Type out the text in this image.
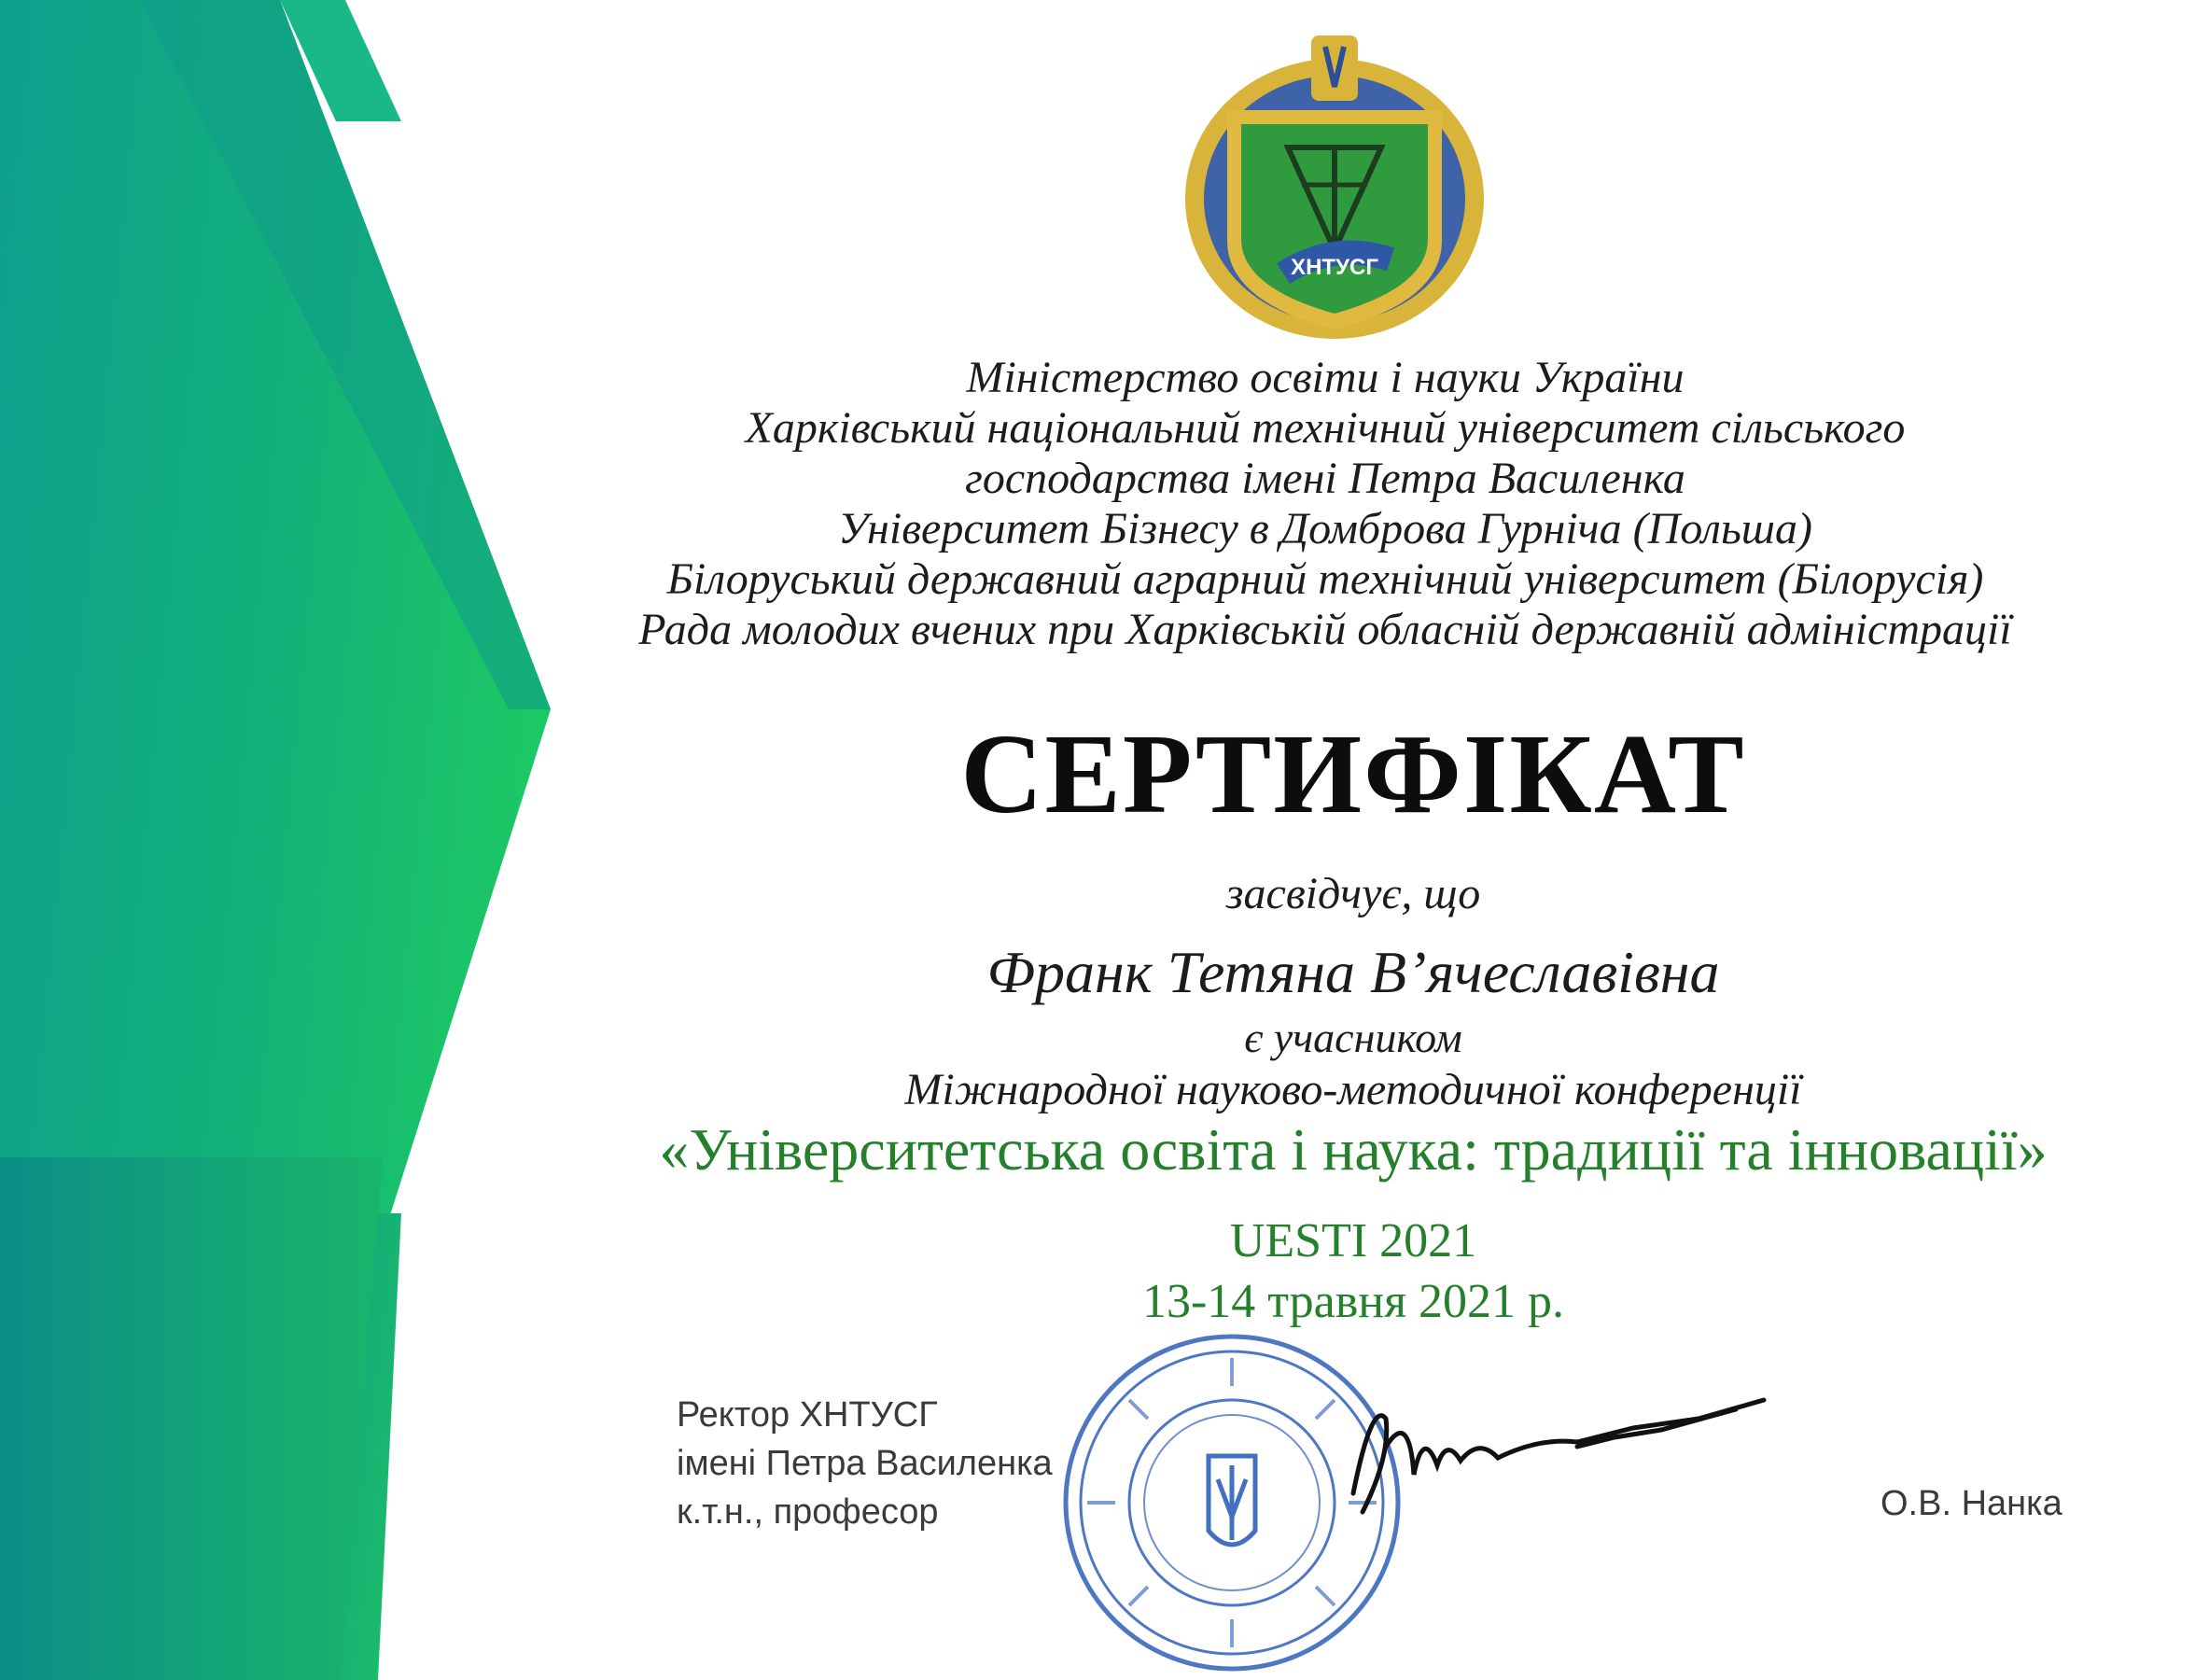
ХНТУСГ
Міністерство освіти і науки України
Харківський національний технічний університет сільського
господарства імені Петра Василенка
Університет Бізнесу в Домброва Гурніча (Польша)
Білоруський державний аграрний технічний університет (Білорусія)
Рада молодих вчених при Харківській обласній державній адміністрації
СЕРТИФІКАТ
засвідчує, що
Франк Тетяна В’ячеславівна
є учасником
Міжнародної науково-методичної конференції
«Університетська освіта і наука: традиції та інновації»
UESTI 2021
13-14 травня 2021 р.
Ректор ХНТУСГ
імені Петра Василенка
к.т.н., професор	О.В. Нанка
